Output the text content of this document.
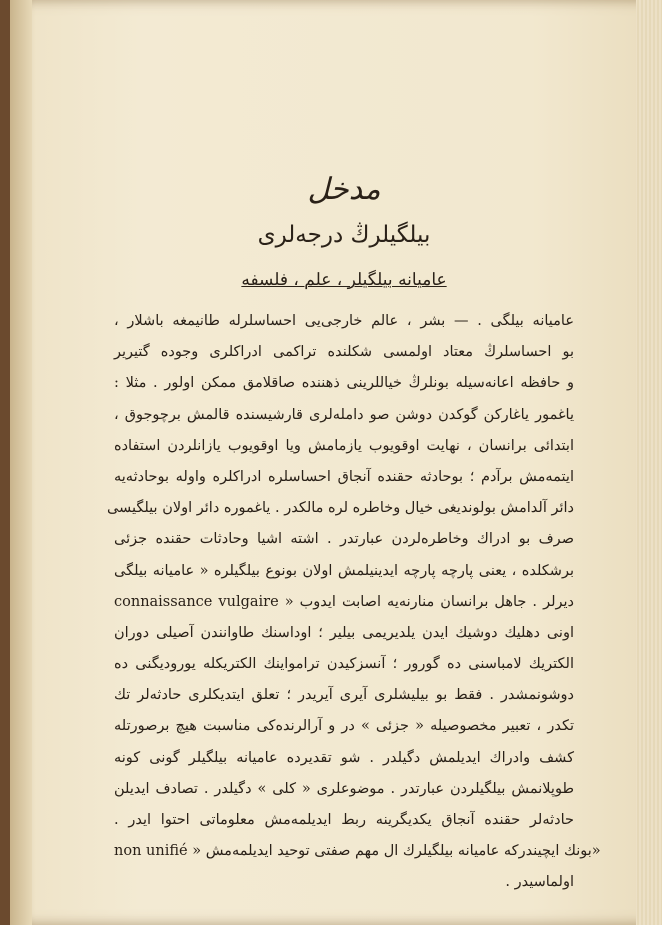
مدخل
بیلگیلرڭ درجه‌لری
عامیانه بیلگیلر ، علم ، فلسفه
عامیانه بیلگی . — بشر ، عالم خارجی‌یی احساسلرله طانیمغه باشلار ،
بو احساسلرڭ معتاد اولمسی شکلنده تراکمی ادراکلری وجوده گتیریر
و حافظه اعانه‌سیله بونلرڭ خیاللرینی ذهننده صاقلامق ممکن اولور . مثلا :
یاغمور یاغارکن گوکدن دوشن صو دامله‌لری قارشیسنده قالمش برچوجوق ،
ابتدائی برانسان ، نهایت اوقویوب یازمامش ویا اوقویوب یازانلردن استفاده
ایتمه‌مش برآدم ؛ بوحادثه حقنده آنجاق احساسلره ادراکلره واوله بوحادثه‌یه
دائر آلدامش بولوندیغی خیال وخاطره‌ لره مالکدر . یاغموره دائر اولان بیلگیسی
صرف بو ادراك وخاطره‌لردن عبارتدر . اشته اشیا وحادثات حقنده جزئی
برشکلده ، یعنی پارچه پارچه ایدینیلمش اولان بونوع بیلگیلره « عامیانه بیلگی
connaissance vulgaire » دیرلر . جاهل برانسان منارنه‌یه اصابت ایدوب
اونی دهلیك دوشیك ایدن یلدیریمی بیلیر ؛ اوداسنك طاوانندن آصیلی دوران
الكتریك لامباسنی ده گورور ؛ آنسزکیدن ترامواینك الكتریکله یوروديگنی ده
دوشونمشدر . فقط بو بیلیشلری آیری آیریدر ؛ تعلق ایتدیکلری حادثه‌لر تك
تکدر ، تعبیر مخصوصیله « جزئی » در و آرالرنده‌کی مناسبت هیچ برصورتله
کشف وادراك ایدیلمش دگیلدر . شو تقدیرده عامیانه بیلگیلر گونی کونه
طوپلانمش بیلگیلردن عبارتدر . موضوعلری « کلی » دگیلدر . تصادف ایدیلن
حادثه‌لر حقنده آنجاق یکدیگرینه ربط ایدیلمه‌مش معلوماتی احتوا ایدر .
non unifié » بونك ایچیندرکه عامیانه بیلگیلرك ال مهم صفتی توحید ایدیلمه‌مش»
اولماسیدر .
